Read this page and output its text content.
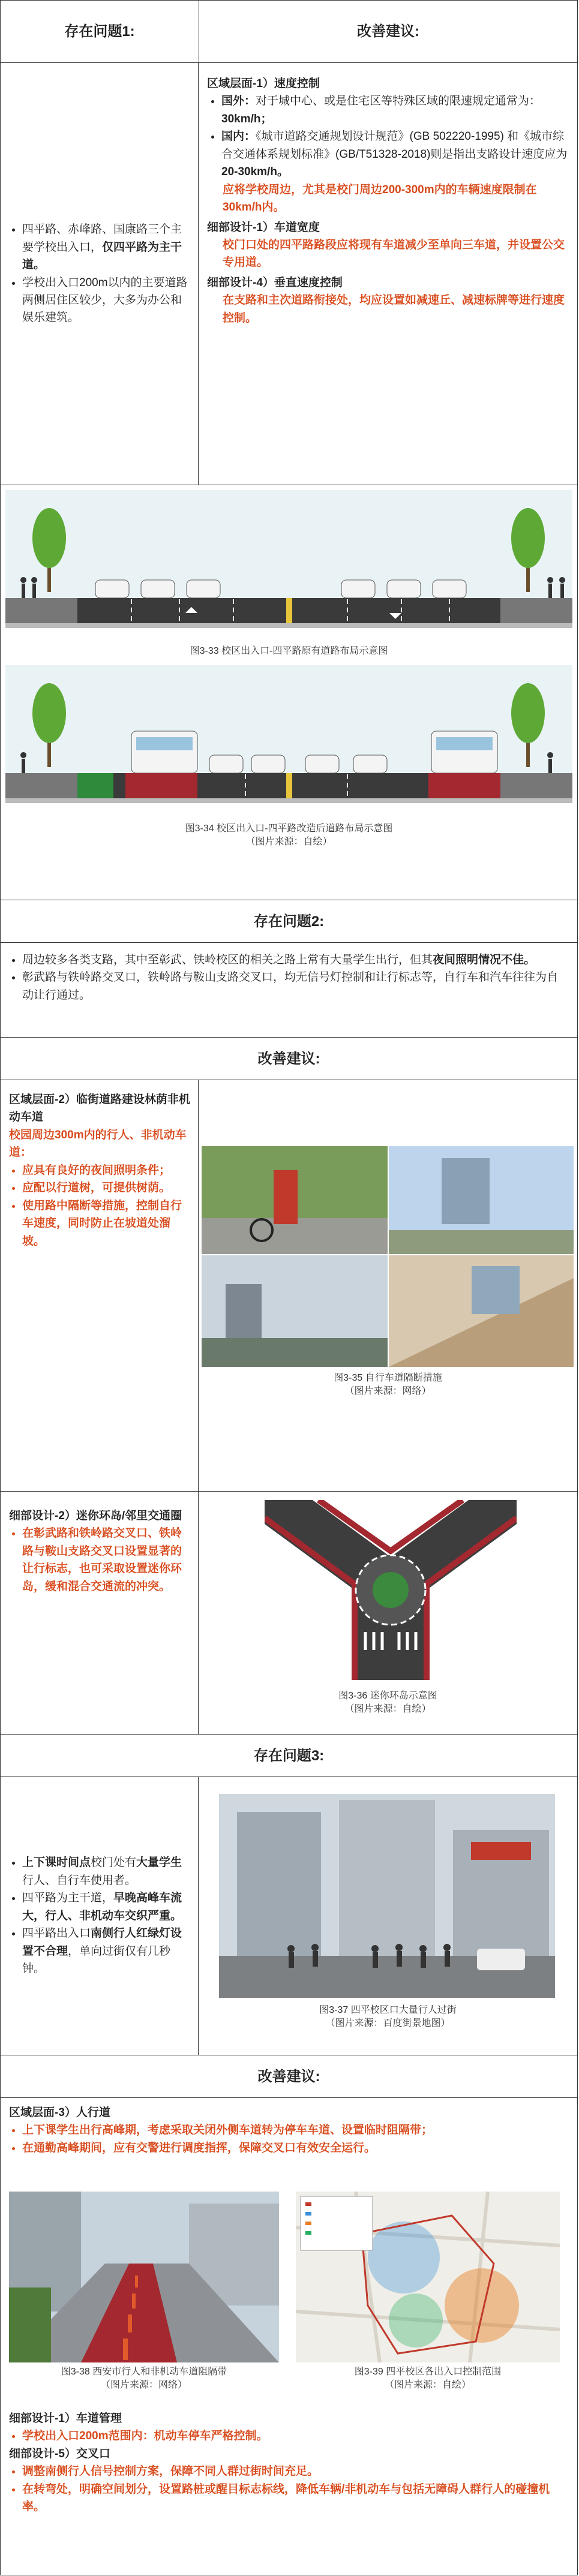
存在问题1:	改善建议:
• 四平路、赤峰路、国康路三个主要学校出入口，仅四平路为主干道。
• 学校出入口200m以内的主要道路两侧居住区较少，大多为办公和娱乐建筑。
区域层面-1）速度控制
• 国外：对于城中心、或是住宅区等特殊区域的限速规定通常为：30km/h；
• 国内：《城市道路交通规划设计规范》(GB 502220-1995) 和《城市综合交通体系规划标准》(GB/T51328-2018)则是指出支路设计速度应为20-30km/h。
应将学校周边，尤其是校门周边200-300m内的车辆速度限制在30km/h内。
细部设计-1）车道宽度
校门口处的四平路路段应将现有车道减少至单向三车道，并设置公交专用道。
细部设计-4）垂直速度控制
在支路和主次道路衔接处，均应设置如减速丘、减速标牌等进行速度控制。
图3-33 校区出入口-四平路原有道路布局示意图
图3-34 校区出入口-四平路改造后道路布局示意图
（图片来源：自绘）
存在问题2:
• 周边较多各类支路，其中至彰武、铁岭校区的相关之路上常有大量学生出行，但其夜间照明情况不佳。
• 彰武路与铁岭路交叉口，铁岭路与鞍山支路交叉口，均无信号灯控制和让行标志等，自行车和汽车往往为自动让行通过。
改善建议:
区域层面-2）临街道路建设林荫非机动车道
校园周边300m内的行人、非机动车道：
• 应具有良好的夜间照明条件；
• 应配以行道树，可提供树荫。
• 使用路中隔断等措施，控制自行车速度，同时防止在坡道处溜坡。
图3-35 自行车道隔断措施
（图片来源：网络）
细部设计-2）迷你环岛/邻里交通圈
• 在彰武路和铁岭路交叉口、铁岭路与鞍山支路交叉口设置显著的让行标志，也可采取设置迷你环岛，缓和混合交通流的冲突。
图3-36 迷你环岛示意图
（图片来源：自绘）
存在问题3:
• 上下课时间点校门处有大量学生行人、自行车使用者。
• 四平路为主干道，早晚高峰车流大，行人、非机动车交织严重。
• 四平路出入口南侧行人红绿灯设置不合理，单向过街仅有几秒钟。
图3-37 四平校区口大量行人过街
（图片来源：百度街景地图）
改善建议:
区域层面-3）人行道
• 上下课学生出行高峰期，考虑采取关闭外侧车道转为停车车道、设置临时阻隔带；
• 在通勤高峰期间，应有交警进行调度指挥，保障交叉口有效安全运行。
图3-38 西安市行人和非机动车道阻隔带
（图片来源：网络）
图3-39 四平校区各出入口控制范围
（图片来源：自绘）
细部设计-1）车道管理
• 学校出入口200m范围内：机动车停车严格控制。
细部设计-5）交叉口
• 调整南侧行人信号控制方案，保障不同人群过街时间充足。
• 在转弯处，明确空间划分，设置路桩或醒目标志标线，降低车辆/非机动车与包括无障碍人群行人的碰撞机率。
